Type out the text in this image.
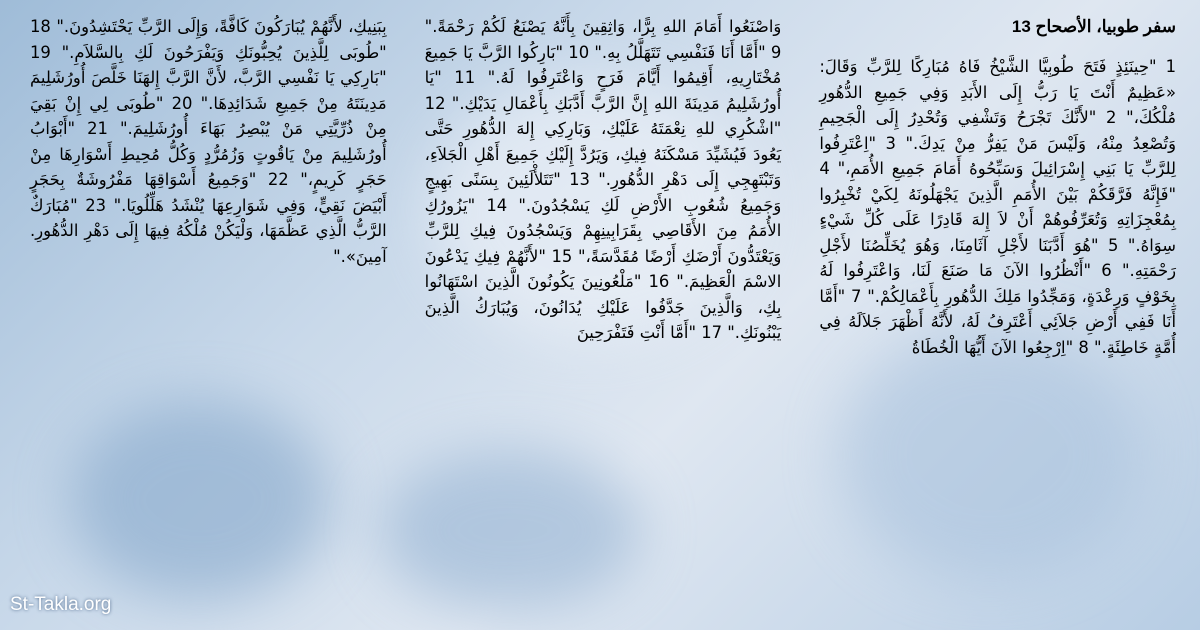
سفر طوبيا، الأصحاح 13
1 "حِينَئِذٍ فَتَحَ طُوبِيَّا الشَّيْخُ فَاهُ مُبَارِكًا لِلرَّبِّ وَقَالَ: «عَظِيمٌ أَنْتَ يَا رَبُّ إِلَى الأَبَدِ وَفِي جَمِيعِ الدُّهُورِ مُلْكُكَ،" 2 "لأَنَّكَ تَجْرَحُ وَتَشْفِي وَتُحْدِرُ إِلَى الْجَحِيمِ وَتُصْعِدُ مِنْهُ، وَلَيْسَ مَنْ يَفِرُّ مِنْ يَدِكَ." 3 "اِعْتَرِفُوا لِلرَّبِّ يَا بَنِي إِسْرَائِيلَ وَسَبِّحُوهُ أَمَامَ جَمِيعِ الأُمَمِ،" 4 "فَإِنَّهُ فَرَّقَكُمْ بَيْنَ الأُمَمِ الَّذِينَ يَجْهَلُونَهُ لِكَيْ تُخْبِرُوا بِمُعْجِزَاتِهِ وَتُعَرِّفُوهُمْ أَنْ لاَ إِلهَ قَادِرًا عَلَى كُلِّ شَيْءٍ سِوَاهُ." 5 "هُوَ أَدَّبَنَا لأَجْلِ آثَامِنَا، وَهُوَ يُخَلِّصُنَا لأَجْلِ رَحْمَتِهِ." 6 "أَنْظُرُوا الآنَ مَا صَنَعَ لَنَا، وَاعْتَرِفُوا لَهُ بِخَوْفٍ وَرِعْدَةٍ، وَمَجِّدُوا مَلِكَ الدُّهُورِ بِأَعْمَالِكُمْ." 7 "أَمَّا أَنَا فَفِي أَرْضِ جَلاَئِي أَعْتَرِفُ لَهُ، لأَنَّهُ أَظْهَرَ جَلاَلَهُ فِي أُمَّةٍ خَاطِئَةٍ." 8 "اِرْجِعُوا الآنَ أَيُّهَا الْخُطَاةُ
وَاصْنَعُوا أَمَامَ اللهِ بِرًّا، وَاثِقِينَ بِأَنَّهُ يَصْنَعُ لَكُمْ رَحْمَةً." 9 "أَمَّا أَنَا فَنَفْسِي تَتَهَلَّلُ بِهِ." 10 "بَارِكُوا الرَّبَّ يَا جَمِيعَ مُخْتَارِيهِ، أَقِيمُوا أَيَّامَ فَرَحٍ وَاعْتَرِفُوا لَهُ." 11 "يَا أُورُشَلِيمُ مَدِينَةَ اللهِ إِنَّ الرَّبَّ أَدَّبَكِ بِأَعْمَالِ يَدَيْكِ." 12 "اشْكُرِي للهِ نِعْمَتَهُ عَلَيْكِ، وَبَارِكِي إِلهَ الدُّهُورِ حَتَّى يَعُودَ فَيُشَيِّدَ مَسْكَنَهُ فِيكِ، وَيَرُدَّ إِلَيْكِ جَمِيعَ أَهْلِ الْجَلاَءِ، وَتَبْتَهِجِي إِلَى دَهْرِ الدُّهُورِ." 13 "تَتَلأْلَئِينَ بِسَنًى بَهِيجٍ وَجَمِيعُ شُعُوبِ الأَرْضِ لَكِ يَسْجُدُونَ." 14 "يَزُورُكِ الأُمَمُ مِنَ الأَقَاصِي بِقَرَابِينِهِمْ وَيَسْجُدُونَ فِيكِ لِلرَّبِّ وَيَعْتَدُّونَ أَرْضَكِ أَرْضًا مُقَدَّسَةً،" 15 "لأَنَّهُمْ فِيكِ يَدْعُونَ الاسْمَ الْعَظِيمَ." 16 "مَلْعُونِينَ يَكُونُونَ الَّذِينَ اسْتَهَانُوا بِكِ، وَالَّذِينَ جَدَّفُوا عَلَيْكِ يُدَانُونَ، وَيُبَارَكُ الَّذِينَ يَبْنُونَكِ." 17 "أَمَّا أَنْتِ فَتَفْرَحِينَ
بِبَنِيكِ، لأَنَّهُمْ يُبَارَكُونَ كَافَّةً، وَإِلَى الرَّبِّ يَحْتَشِدُونَ." 18 "طُوبَى لِلَّذِينَ يُحِبُّونَكِ وَيَفْرَحُونَ لَكِ بِالسَّلاَمِ." 19 "بَارِكِي يَا نَفْسِي الرَّبَّ، لأَنَّ الرَّبَّ إِلهَنَا خَلَّصَ أُورُشَلِيمَ مَدِينَتَهُ مِنْ جَمِيعِ شَدَائِدِهَا." 20 "طُوبَى لِي إِنْ بَقِيَ مِنْ ذُرِّيَّتِي مَنْ يُبْصِرُ بَهَاءَ أُورُشَلِيمَ." 21 "أَبْوَابُ أُورُشَلِيمَ مِنْ يَاقُوتٍ وَزُمُرُّدٍ وَكُلُّ مُحِيطِ أَسْوَارِهَا مِنْ حَجَرٍ كَرِيمٍ،" 22 "وَجَمِيعُ أَسْوَاقِهَا مَفْرُوشَةٌ بِحَجَرٍ أَبْيَضَ نَقِيٍّ، وَفِي شَوَارِعِهَا يُنْشَدُ هَلِّلُويَا." 23 "مُبَارَكٌ الرَّبُّ الَّذِي عَظَّمَهَا، وَلْيَكُنْ مُلْكُهُ فِيهَا إِلَى دَهْرِ الدُّهُورِ. آمِينَ»."
St-Takla.org
